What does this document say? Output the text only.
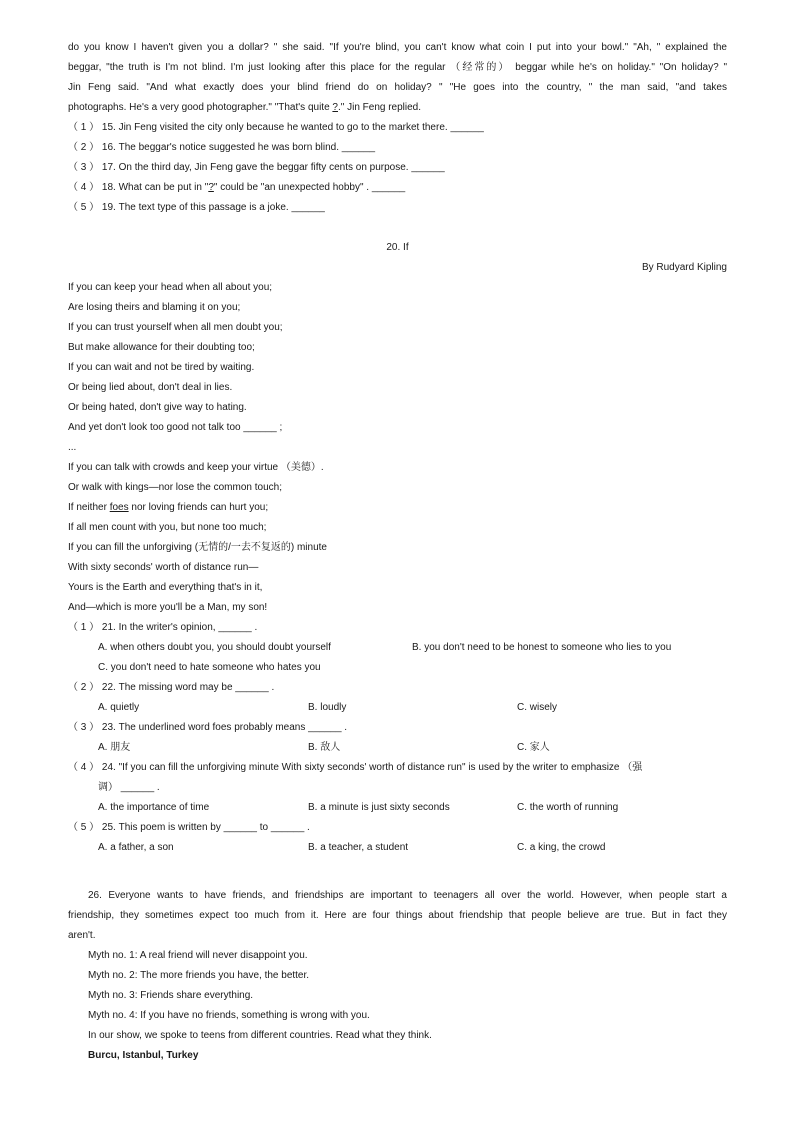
do you know I haven't given you a dollar? " she said. "If you're blind, you can't know what coin I put into your bowl." "Ah, " explained the
beggar, "the truth is I'm not blind. I'm just looking after this place for the regular （经常的） beggar while he's on holiday." "On holiday? "
Jin Feng said. "And what exactly does your blind friend do on holiday? " "He goes into the country, " the man said, "and takes
photographs. He's a very good photographer." "That's quite ?." Jin Feng replied.
（ 1 ） 15. Jin Feng visited the city only because he wanted to go to the market there. ______
（ 2 ） 16. The beggar's notice suggested he was born blind. ______
（ 3 ） 17. On the third day, Jin Feng gave the beggar fifty cents on purpose. ______
（ 4 ） 18. What can be put in "?" could be "an unexpected hobby" . ______
（ 5 ） 19. The text type of this passage is a joke. ______
20. If
By Rudyard Kipling
If you can keep your head when all about you;
Are losing theirs and blaming it on you;
If you can trust yourself when all men doubt you;
But make allowance for their doubting too;
If you can wait and not be tired by waiting.
Or being lied about, don't deal in lies.
Or being hated, don't give way to hating.
And yet don't look too good not talk too ______ ;
...
If you can talk with crowds and keep your virtue （美德）.
Or walk with kings—nor lose the common touch;
If neither foes nor loving friends can hurt you;
If all men count with you, but none too much;
If you can fill the unforgiving (无情的/一去不复返的) minute
With sixty seconds' worth of distance run—
Yours is the Earth and everything that's in it,
And—which is more you'll be a Man, my son!
（ 1 ） 21. In the writer's opinion, ______ .
A. when others doubt you, you should doubt yourself	B. you don't need to be honest to someone who lies to you
C. you don't need to hate someone who hates you
（ 2 ） 22. The missing word may be ______ .
A. quietly	B. loudly	C. wisely
（ 3 ） 23. The underlined word foes probably means ______ .
A. 朋友	B. 敌人	C. 家人
（ 4 ） 24. "If you can fill the unforgiving minute With sixty seconds' worth of distance run" is used by the writer to emphasize （强
调） ______ .
A. the importance of time	B. a minute is just sixty seconds	C. the worth of running
（ 5 ） 25. This poem is written by ______ to ______ .
A. a father, a son	B. a teacher, a student	C. a king, the crowd
26. Everyone wants to have friends, and friendships are important to teenagers all over the world. However, when people start a
friendship, they sometimes expect too much from it. Here are four things about friendship that people believe are true. But in fact they
aren't.
Myth no. 1: A real friend will never disappoint you.
Myth no. 2: The more friends you have, the better.
Myth no. 3: Friends share everything.
Myth no. 4: If you have no friends, something is wrong with you.
In our show, we spoke to teens from different countries. Read what they think.
Burcu, Istanbul, Turkey
